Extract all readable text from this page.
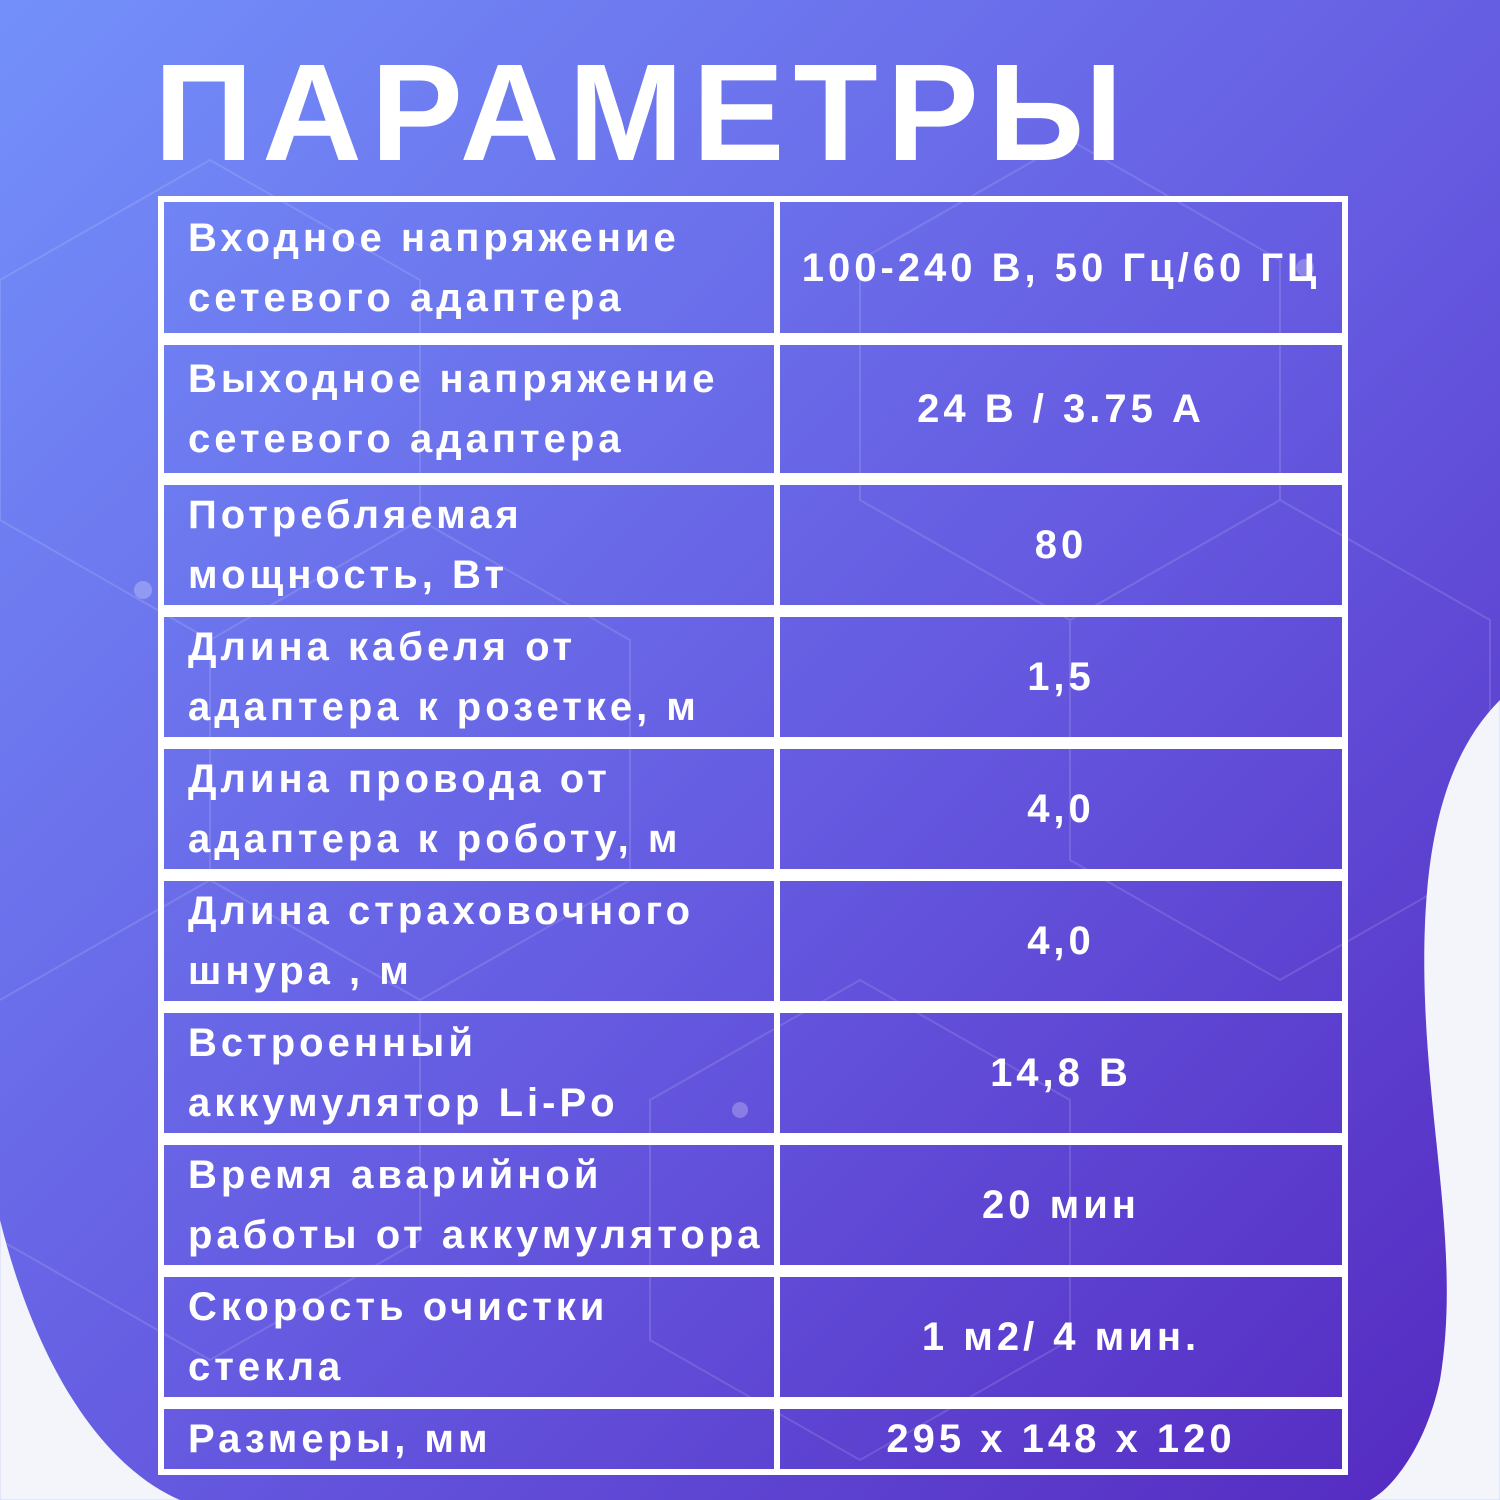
ПАРАМЕТРЫ
Входное напряжение сетевого адаптера	100-240 В, 50 Гц/60 ГЦ
Выходное напряжение сетевого адаптера	24 В / 3.75 А
Потребляемая мощность, Вт	80
Длина кабеля от адаптера к розетке, м	1,5
Длина провода от адаптера к роботу, м	4,0
Длина страховочного шнура , м	4,0
Встроенный аккумулятор Li-Po	14,8 В
Время аварийной работы от аккумулятора	20 мин
Скорость очистки стекла	1 м2/ 4 мин.
Размеры, мм	295 х 148 х 120
